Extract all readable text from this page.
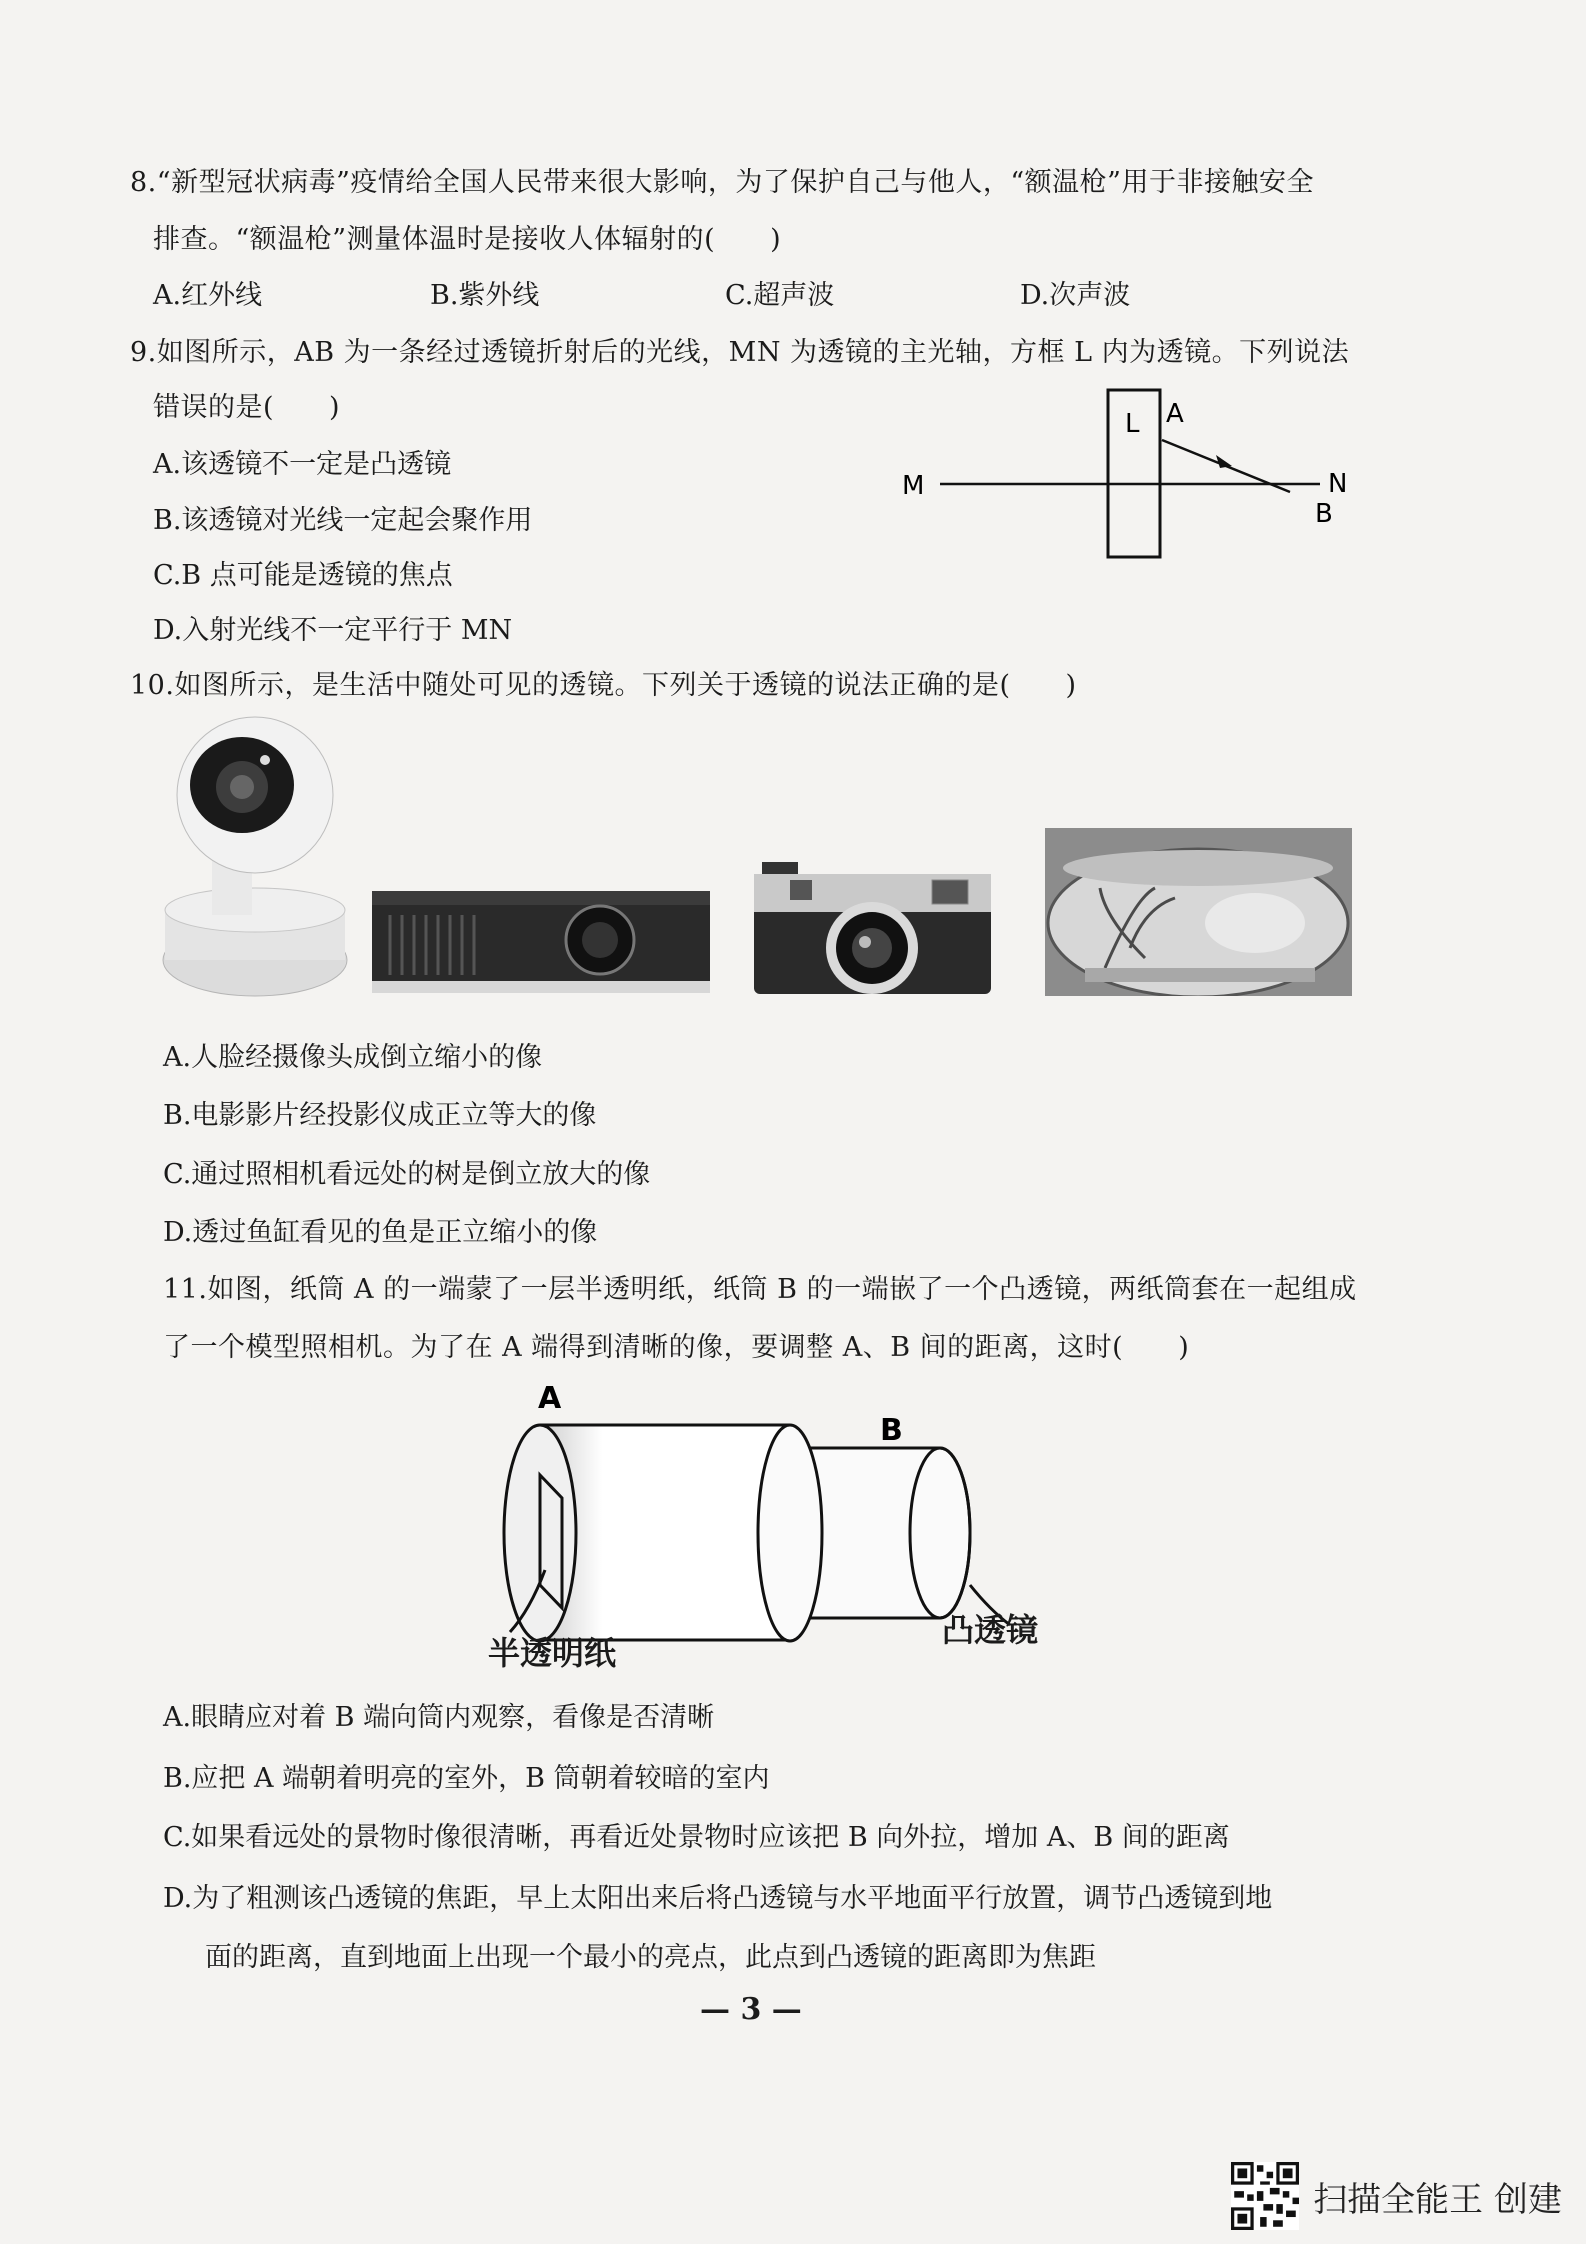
8.“新型冠状病毒”疫情给全国人民带来很大影响，为了保护自己与他人，“额温枪”用于非接触安全
排查。“额温枪”测量体温时是接收人体辐射的(　　)
A.红外线	B.紫外线	C.超声波	D.次声波
9.如图所示，AB 为一条经过透镜折射后的光线，MN 为透镜的主光轴，方框 L 内为透镜。下列说法
错误的是(　　)
A.该透镜不一定是凸透镜
B.该透镜对光线一定起会聚作用
C.B 点可能是透镜的焦点
D.入射光线不一定平行于 MN
L A
M	N
B
10.如图所示，是生活中随处可见的透镜。下列关于透镜的说法正确的是(　　)
A.人脸经摄像头成倒立缩小的像
B.电影影片经投影仪成正立等大的像
C.通过照相机看远处的树是倒立放大的像
D.透过鱼缸看见的鱼是正立缩小的像
11.如图，纸筒 A 的一端蒙了一层半透明纸，纸筒 B 的一端嵌了一个凸透镜，两纸筒套在一起组成
了一个模型照相机。为了在 A 端得到清晰的像，要调整 A、B 间的距离，这时(　　)
A
B
半透明纸
凸透镜
A.眼睛应对着 B 端向筒内观察，看像是否清晰
B.应把 A 端朝着明亮的室外，B 筒朝着较暗的室内
C.如果看远处的景物时像很清晰，再看近处景物时应该把 B 向外拉，增加 A、B 间的距离
D.为了粗测该凸透镜的焦距，早上太阳出来后将凸透镜与水平地面平行放置，调节凸透镜到地
面的距离，直到地面上出现一个最小的亮点，此点到凸透镜的距离即为焦距
— 3 —
扫描全能王 创建
